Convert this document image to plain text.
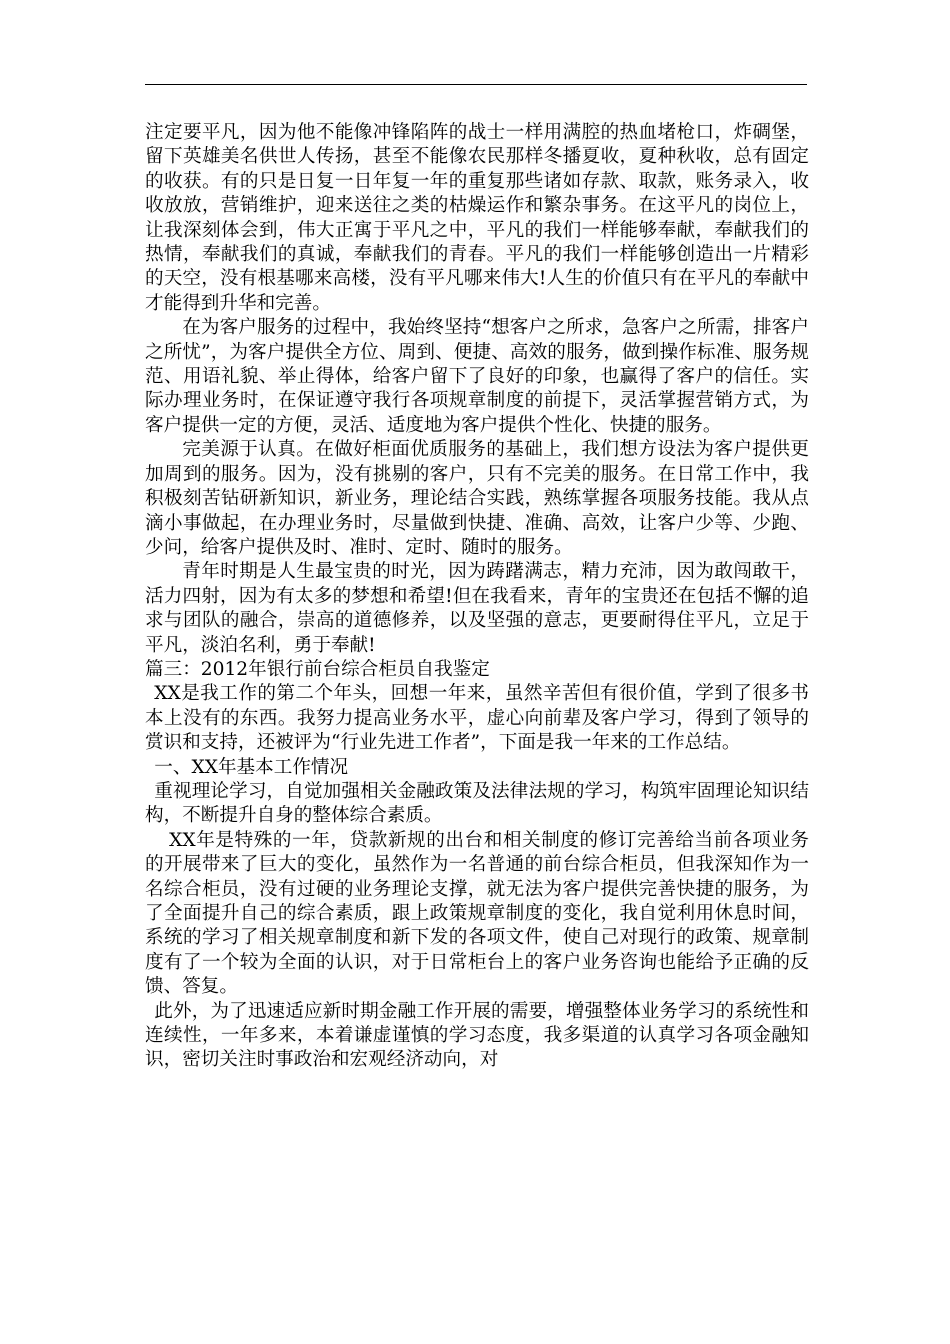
注定要平凡，因为他不能像冲锋陷阵的战士一样用满腔的热血堵枪口，炸碉堡，留下英雄美名供世人传扬，甚至不能像农民那样冬播夏收，夏种秋收，总有固定的收获。有的只是日复一日年复一年的重复那些诸如存款、取款，账务录入，收收放放，营销维护，迎来送往之类的枯燥运作和繁杂事务。在这平凡的岗位上，让我深刻体会到，伟大正寓于平凡之中，平凡的我们一样能够奉献，奉献我们的热情，奉献我们的真诚，奉献我们的青春。平凡的我们一样能够创造出一片精彩的天空，没有根基哪来高楼，没有平凡哪来伟大!人生的价值只有在平凡的奉献中才能得到升华和完善。

在为客户服务的过程中，我始终坚持“想客户之所求，急客户之所需，排客户之所忧”，为客户提供全方位、周到、便捷、高效的服务，做到操作标准、服务规范、用语礼貌、举止得体，给客户留下了良好的印象，也赢得了客户的信任。实际办理业务时，在保证遵守我行各项规章制度的前提下，灵活掌握营销方式，为客户提供一定的方便，灵活、适度地为客户提供个性化、快捷的服务。

完美源于认真。在做好柜面优质服务的基础上，我们想方设法为客户提供更加周到的服务。因为，没有挑剔的客户，只有不完美的服务。在日常工作中，我积极刻苦钻研新知识，新业务，理论结合实践，熟练掌握各项服务技能。我从点滴小事做起，在办理业务时，尽量做到快捷、准确、高效，让客户少等、少跑、少问，给客户提供及时、准时、定时、随时的服务。

青年时期是人生最宝贵的时光，因为踌躇满志，精力充沛，因为敢闯敢干，活力四射，因为有太多的梦想和希望!但在我看来，青年的宝贵还在包括不懈的追求与团队的融合，崇高的道德修养，以及坚强的意志，更要耐得住平凡，立足于平凡，淡泊名利，勇于奉献!

篇三：2012年银行前台综合柜员自我鉴定

XX是我工作的第二个年头，回想一年来，虽然辛苦但有很价值，学到了很多书本上没有的东西。我努力提高业务水平，虚心向前辈及客户学习，得到了领导的赏识和支持，还被评为“行业先进工作者”，下面是我一年来的工作总结。

一、XX年基本工作情况

重视理论学习，自觉加强相关金融政策及法律法规的学习，构筑牢固理论知识结构，不断提升自身的整体综合素质。

XX年是特殊的一年，贷款新规的出台和相关制度的修订完善给当前各项业务的开展带来了巨大的变化，虽然作为一名普通的前台综合柜员，但我深知作为一名综合柜员，没有过硬的业务理论支撑，就无法为客户提供完善快捷的服务，为了全面提升自己的综合素质，跟上政策规章制度的变化，我自觉利用休息时间，系统的学习了相关规章制度和新下发的各项文件，使自己对现行的政策、规章制度有了一个较为全面的认识，对于日常柜台上的客户业务咨询也能给予正确的反馈、答复。

此外，为了迅速适应新时期金融工作开展的需要，增强整体业务学习的系统性和连续性，一年多来，本着谦虚谨慎的学习态度，我多渠道的认真学习各项金融知识，密切关注时事政治和宏观经济动向，对
